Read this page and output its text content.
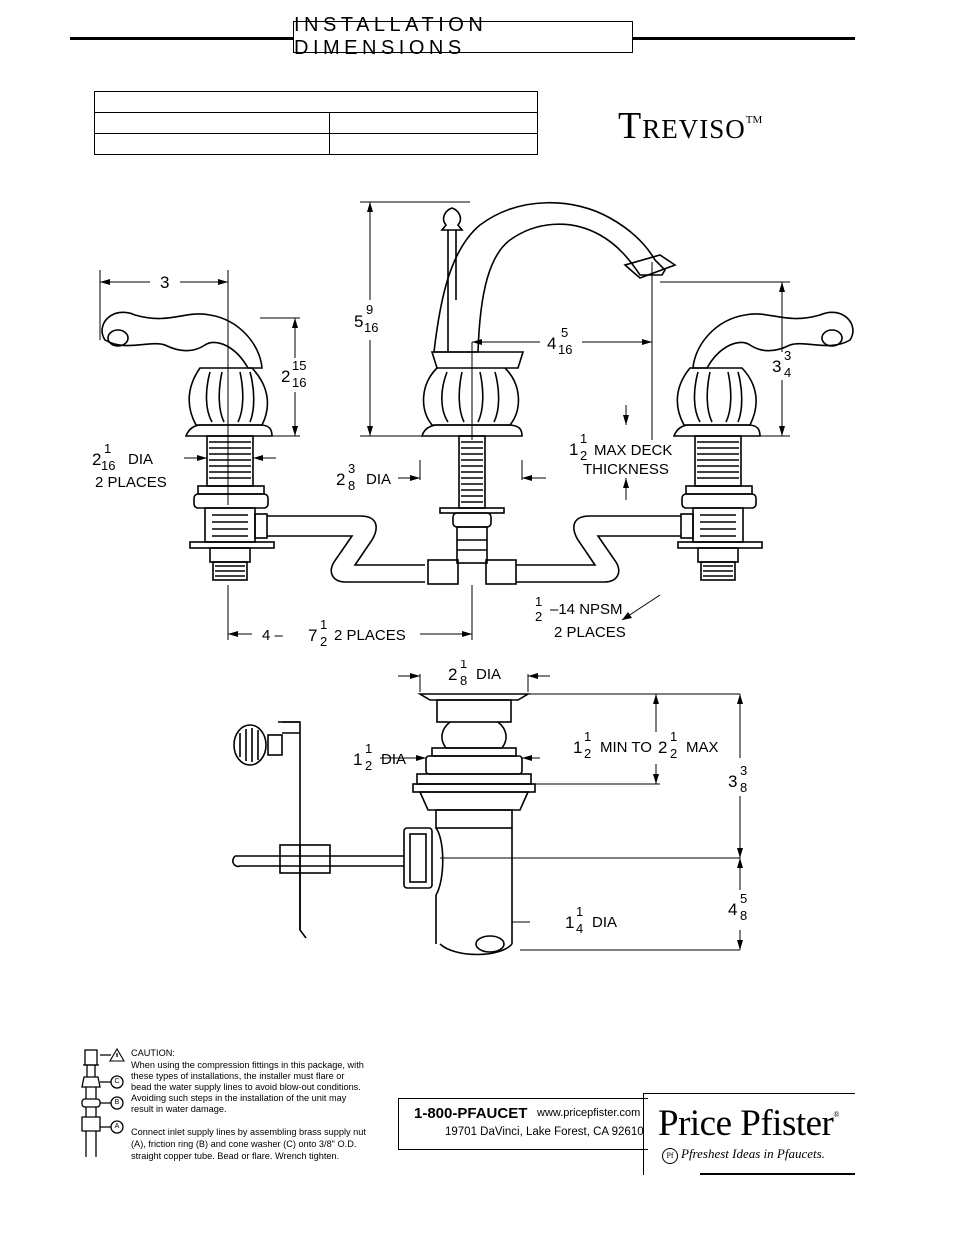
INSTALLATION DIMENSIONS

Treviso™
3
2
15
16
5
9
16
4
5
16
3
3
4
2
1
16 DIA
2 PLACES	2
3
8 DIA
1
1
2 MAX DECK
THICKNESS
4 – 7
1
2 2 PLACES
1
2 –14 NPSM
2 PLACES
2
1
8 DIA
1
1
2 DIA
1
1
2 MIN TO 2
1
2 MAX
3
3
8
1
1
4 DIA
4
5
8
C
B
A
CAUTION:
When using the compression fittings in this package, with
these types of installations, the installer must flare or
bead the water supply lines to avoid blow-out conditions.
Avoiding such steps in the installation of the unit may
result in water damage.
Connect inlet supply lines by assembling brass supply nut
(A), friction ring (B) and cone washer (C) onto 3/8" O.D.
straight copper tube. Bead or flare. Wrench tighten.
1-800-PFAUCET www.pricepfister.com
19701 DaVinci, Lake Forest, CA 92610 Price Pfister®
Pf Pfreshest Ideas in Pfaucets.
